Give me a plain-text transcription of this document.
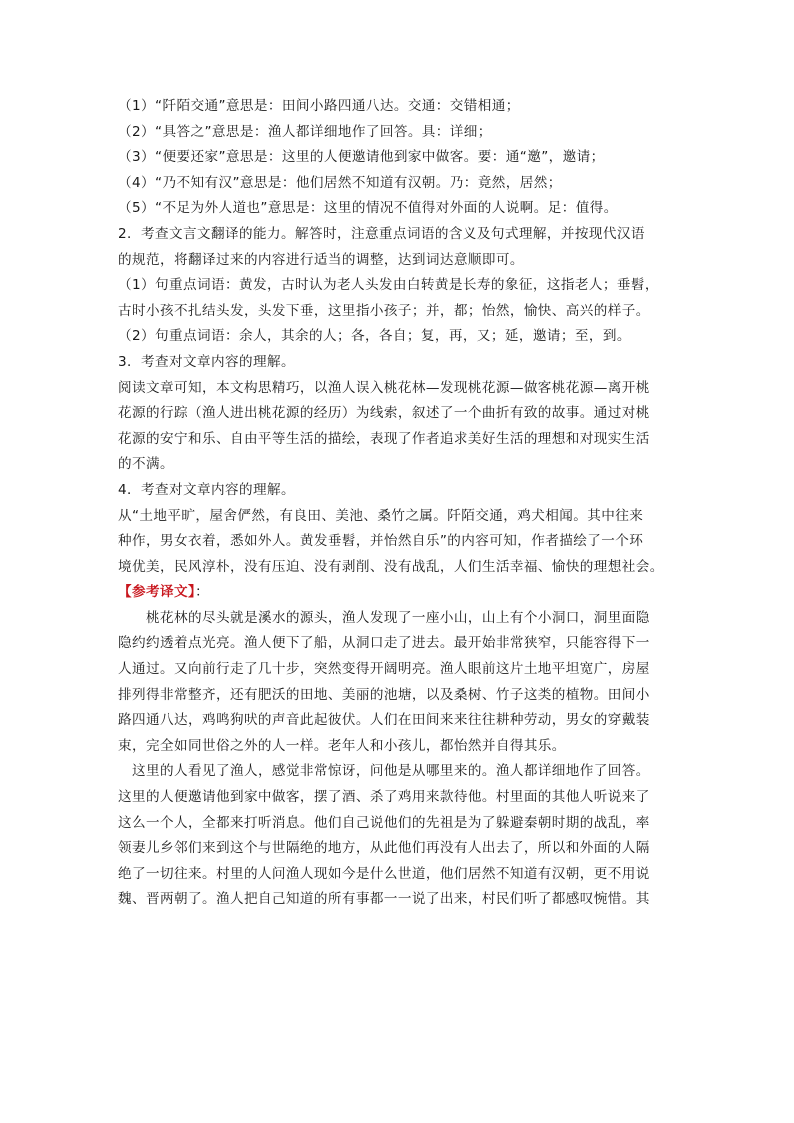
（1）“阡陌交通”意思是：田间小路四通八达。交通：交错相通；
（2）“具答之”意思是：渔人都详细地作了回答。具：详细；
（3）“便要还家”意思是：这里的人便邀请他到家中做客。要：通“邀”，邀请；
（4）“乃不知有汉”意思是：他们居然不知道有汉朝。乃：竟然，居然；
（5）“不足为外人道也”意思是：这里的情况不值得对外面的人说啊。足：值得。
2．考查文言文翻译的能力。解答时，注意重点词语的含义及句式理解，并按现代汉语
的规范，将翻译过来的内容进行适当的调整，达到词达意顺即可。
（1）句重点词语：黄发，古时认为老人头发由白转黄是长寿的象征，这指老人；垂髫，
古时小孩不扎结头发，头发下垂，这里指小孩子；并，都；怡然，愉快、高兴的样子。
（2）句重点词语：余人，其余的人；各，各自；复，再，又；延，邀请；至，到。
3．考查对文章内容的理解。
阅读文章可知，本文构思精巧，以渔人误入桃花林—发现桃花源—做客桃花源—离开桃
花源的行踪（渔人进出桃花源的经历）为线索，叙述了一个曲折有致的故事。通过对桃
花源的安宁和乐、自由平等生活的描绘，表现了作者追求美好生活的理想和对现实生活
的不满。
4．考查对文章内容的理解。
从“土地平旷，屋舍俨然，有良田、美池、桑竹之属。阡陌交通，鸡犬相闻。其中往来
种作，男女衣着，悉如外人。黄发垂髫，并怡然自乐”的内容可知，作者描绘了一个环
境优美，民风淳朴，没有压迫、没有剥削、没有战乱，人们生活幸福、愉快的理想社会。
【参考译文】：
桃花林的尽头就是溪水的源头，渔人发现了一座小山，山上有个小洞口，洞里面隐
隐约约透着点光亮。渔人便下了船，从洞口走了进去。最开始非常狭窄，只能容得下一
人通过。又向前行走了几十步，突然变得开阔明亮。渔人眼前这片土地平坦宽广，房屋
排列得非常整齐，还有肥沃的田地、美丽的池塘，以及桑树、竹子这类的植物。田间小
路四通八达，鸡鸣狗吠的声音此起彼伏。人们在田间来来往往耕种劳动，男女的穿戴装
束，完全如同世俗之外的人一样。老年人和小孩儿，都怡然并自得其乐。
这里的人看见了渔人，感觉非常惊讶，问他是从哪里来的。渔人都详细地作了回答。
这里的人便邀请他到家中做客，摆了酒、杀了鸡用来款待他。村里面的其他人听说来了
这么一个人，全都来打听消息。他们自己说他们的先祖是为了躲避秦朝时期的战乱，率
领妻儿乡邻们来到这个与世隔绝的地方，从此他们再没有人出去了，所以和外面的人隔
绝了一切往来。村里的人问渔人现如今是什么世道，他们居然不知道有汉朝，更不用说
魏、晋两朝了。渔人把自己知道的所有事都一一说了出来，村民们听了都感叹惋惜。其
